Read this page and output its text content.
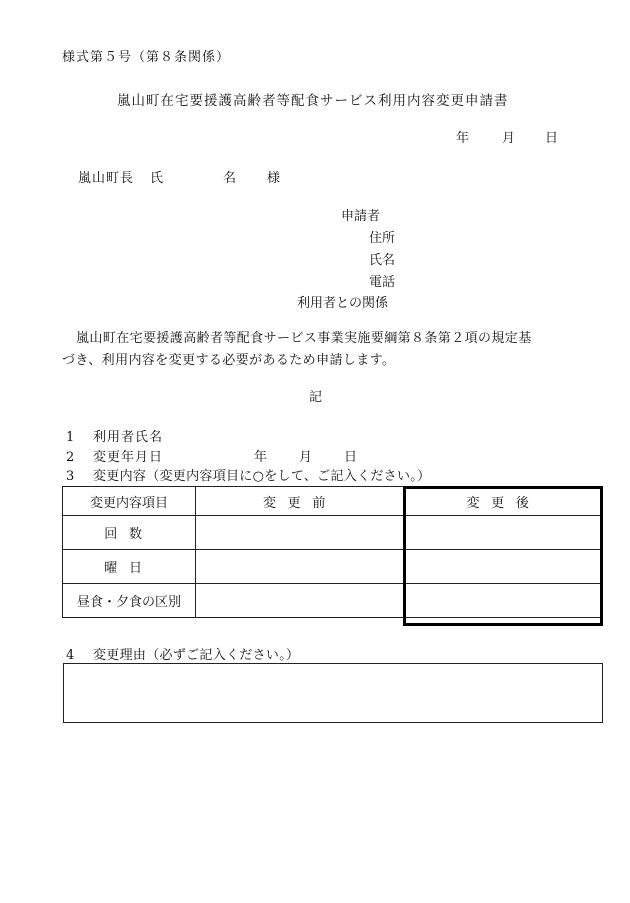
様式第５号（第８条関係）
嵐山町在宅要援護高齢者等配食サービス利用内容変更申請書
年	月 日
嵐山町長 氏	名 様
申請者
住所
氏名
電話
利用者との関係
嵐山町在宅要援護高齢者等配食サービス事業実施要綱第８条第２項の規定基
づき、利用内容を変更する必要があるため申請します。
記
1 利用者氏名
2 変更年月日	年 月 日
3 変更内容（変更内容項目に○をして、ご記入ください。）
変更内容項目	変更前	変更後
回数		
曜日		
昼食・夕食の区別		
4 変更理由（必ずご記入ください。）
